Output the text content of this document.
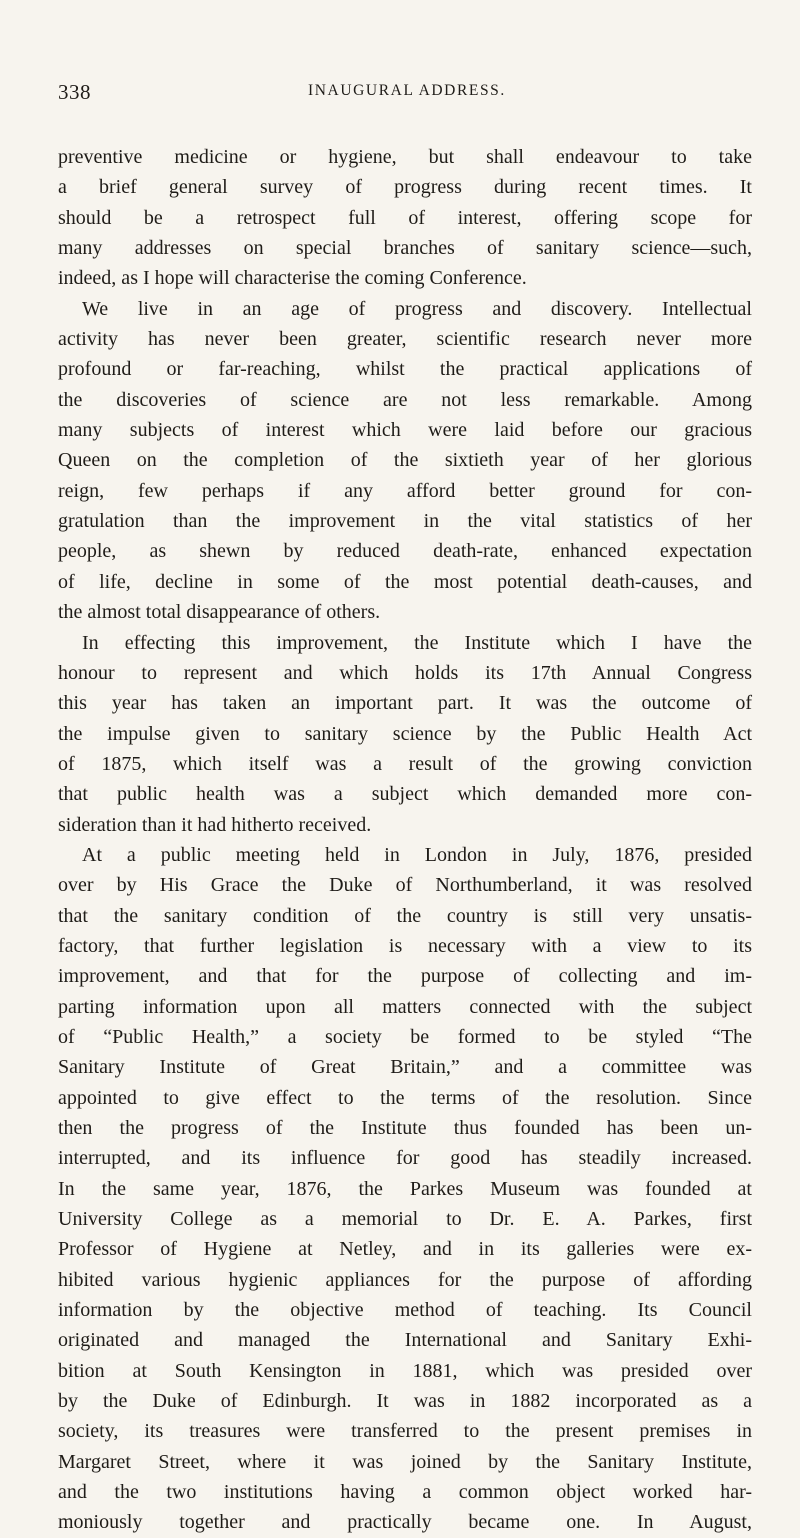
338	INAUGURAL ADDRESS.
preventive medicine or hygiene, but shall endeavour to take
a brief general survey of progress during recent times. It
should be a retrospect full of interest, offering scope for
many addresses on special branches of sanitary science—such,
indeed, as I hope will characterise the coming Conference.
We live in an age of progress and discovery. Intellectual
activity has never been greater, scientific research never more
profound or far-reaching, whilst the practical applications of
the discoveries of science are not less remarkable. Among
many subjects of interest which were laid before our gracious
Queen on the completion of the sixtieth year of her glorious
reign, few perhaps if any afford better ground for con-
gratulation than the improvement in the vital statistics of her
people, as shewn by reduced death-rate, enhanced expectation
of life, decline in some of the most potential death-causes, and
the almost total disappearance of others.
In effecting this improvement, the Institute which I have the
honour to represent and which holds its 17th Annual Congress
this year has taken an important part. It was the outcome of
the impulse given to sanitary science by the Public Health Act
of 1875, which itself was a result of the growing conviction
that public health was a subject which demanded more con-
sideration than it had hitherto received.
At a public meeting held in London in July, 1876, presided
over by His Grace the Duke of Northumberland, it was resolved
that the sanitary condition of the country is still very unsatis-
factory, that further legislation is necessary with a view to its
improvement, and that for the purpose of collecting and im-
parting information upon all matters connected with the subject
of “Public Health,” a society be formed to be styled “The
Sanitary Institute of Great Britain,” and a committee was
appointed to give effect to the terms of the resolution. Since
then the progress of the Institute thus founded has been un-
interrupted, and its influence for good has steadily increased.
In the same year, 1876, the Parkes Museum was founded at
University College as a memorial to Dr. E. A. Parkes, first
Professor of Hygiene at Netley, and in its galleries were ex-
hibited various hygienic appliances for the purpose of affording
information by the objective method of teaching. Its Council
originated and managed the International and Sanitary Exhi-
bition at South Kensington in 1881, which was presided over
by the Duke of Edinburgh. It was in 1882 incorporated as a
society, its treasures were transferred to the present premises in
Margaret Street, where it was joined by the Sanitary Institute,
and the two institutions having a common object worked har-
moniously together and practically became one. In August,
